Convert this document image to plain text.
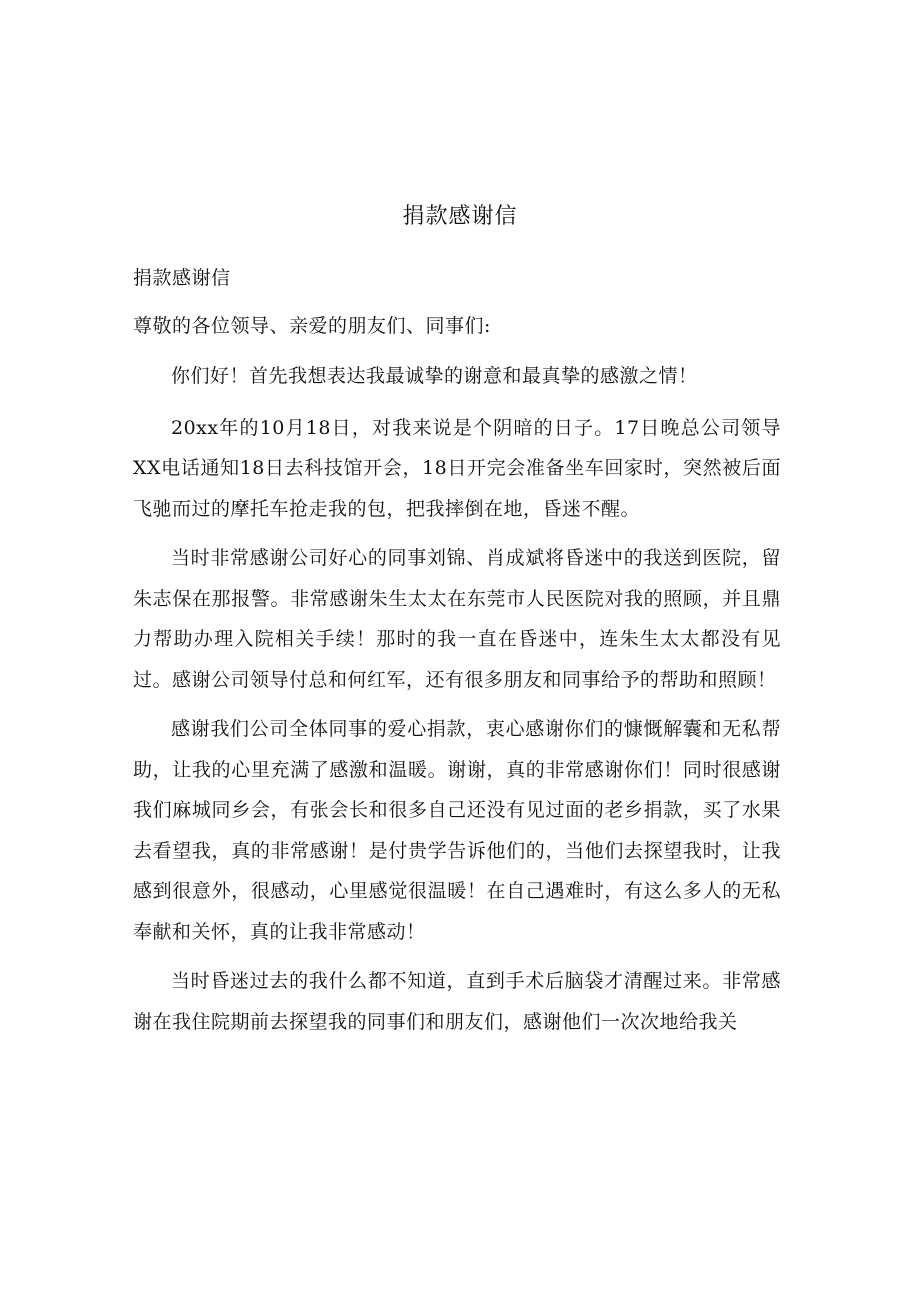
捐款感谢信

捐款感谢信

尊敬的各位领导、亲爱的朋友们、同事们:

你们好！首先我想表达我最诚挚的谢意和最真挚的感激之情！

20xx年的10月18日，对我来说是个阴暗的日子。17日晚总公司领导XX电话通知18日去科技馆开会，18日开完会准备坐车回家时，突然被后面飞驰而过的摩托车抢走我的包，把我摔倒在地，昏迷不醒。

当时非常感谢公司好心的同事刘锦、肖成斌将昏迷中的我送到医院，留朱志保在那报警。非常感谢朱生太太在东莞市人民医院对我的照顾，并且鼎力帮助办理入院相关手续！那时的我一直在昏迷中，连朱生太太都没有见过。感谢公司领导付总和何红军，还有很多朋友和同事给予的帮助和照顾！

感谢我们公司全体同事的爱心捐款，衷心感谢你们的慷慨解囊和无私帮助，让我的心里充满了感激和温暖。谢谢，真的非常感谢你们！同时很感谢我们麻城同乡会，有张会长和很多自己还没有见过面的老乡捐款，买了水果去看望我，真的非常感谢！是付贵学告诉他们的，当他们去探望我时，让我感到很意外，很感动，心里感觉很温暖！在自己遇难时，有这么多人的无私奉献和关怀，真的让我非常感动！

当时昏迷过去的我什么都不知道，直到手术后脑袋才清醒过来。非常感谢在我住院期前去探望我的同事们和朋友们，感谢他们一次次地给我关
